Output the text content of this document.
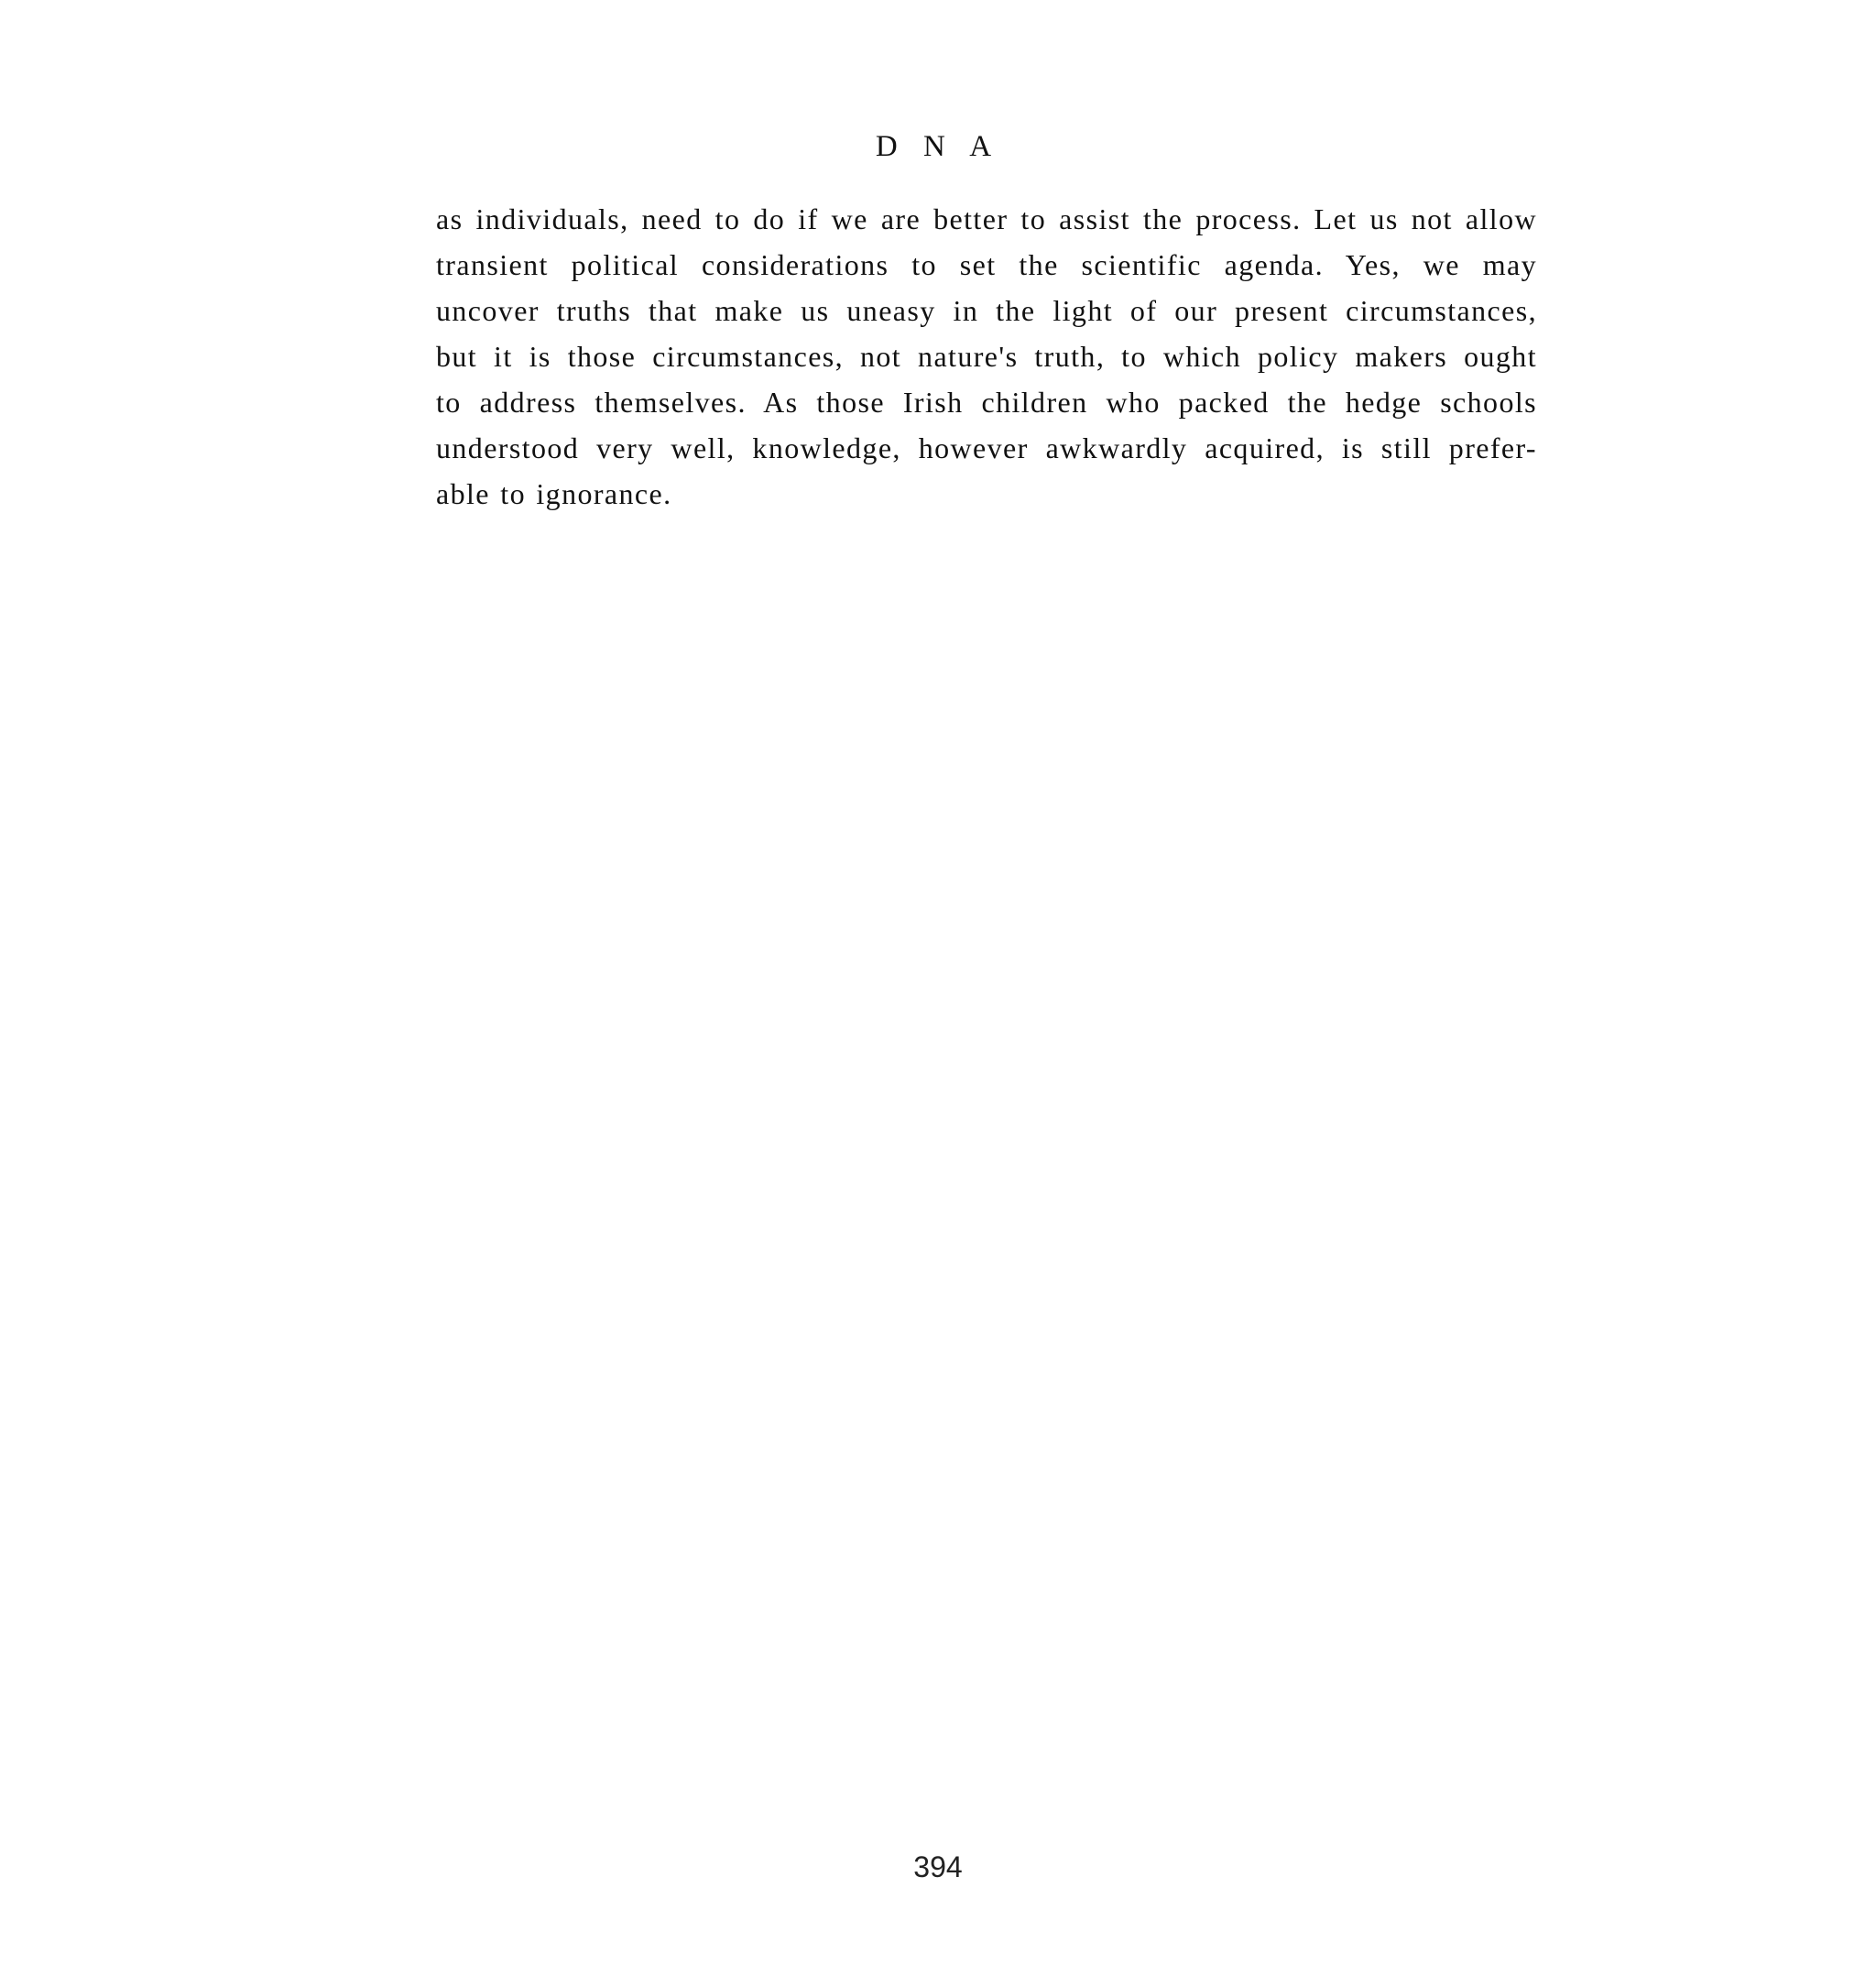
D N A
as individuals, need to do if we are better to assist the process. Let us not allow
transient political considerations to set the scientific agenda. Yes, we may
uncover truths that make us uneasy in the light of our present circumstances,
but it is those circumstances, not nature's truth, to which policy makers ought
to address themselves. As those Irish children who packed the hedge schools
understood very well, knowledge, however awkwardly acquired, is still prefer-
able to ignorance.
394
